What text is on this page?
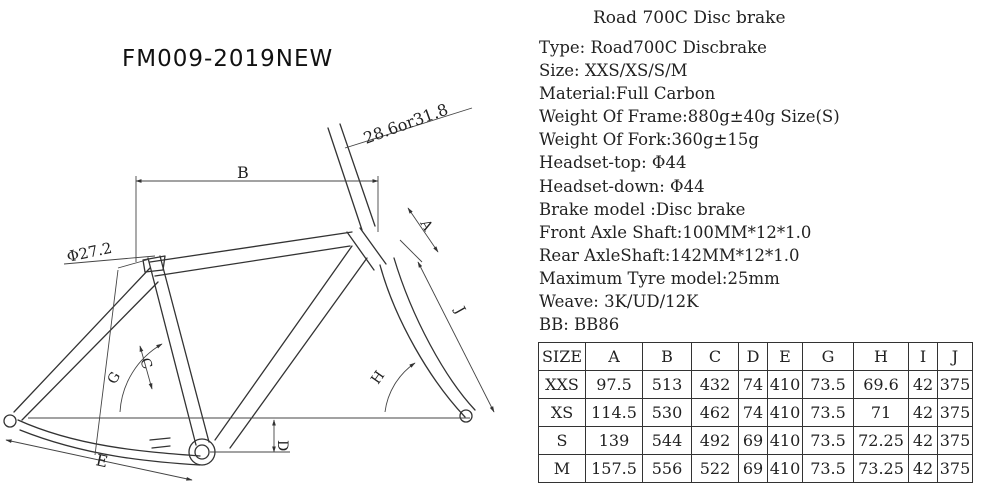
FM009-2019NEW
B
C
G	H
D
E
A
J
28.6or31.8
Φ27.2
Road 700C Disc brake
Type: Road700C Discbrake
Size: XXS/XS/S/M
Material:Full Carbon
Weight Of Frame:880g±40g Size(S)
Weight Of Fork:360g±15g
Headset-top: Φ44
Headset-down: Φ44
Brake model :Disc brake
Front Axle Shaft:100MM*12*1.0
Rear AxleShaft:142MM*12*1.0
Maximum Tyre model:25mm
Weave: 3K/UD/12K
BB: BB86
SIZE	A	B	C	D	E	G	H	I	J
XXS	97.5	513	432	74	410	73.5	69.6	42	375
XS	114.5	530	462	74	410	73.5	71	42	375
S	139	544	492	69	410	73.5	72.25	42	375
M	157.5	556	522	69	410	73.5	73.25	42	375
